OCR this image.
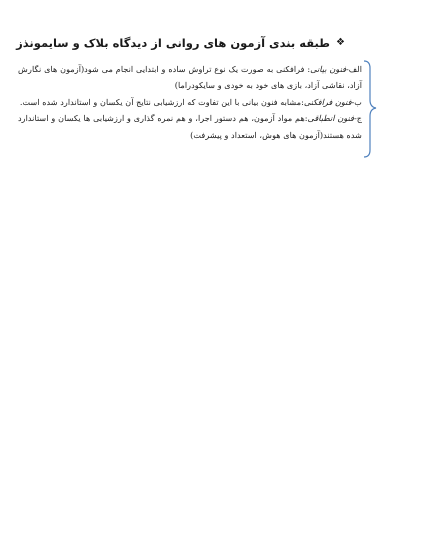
❖
طبقه بندی آزمون های روانی از دیدگاه بلاک و سایمونذز

الف-فنون بیانی: فرافکنی به صورت یک نوع تراوش ساده و ابتدایی انجام می شود(آزمون های نگارش آزاد، نقاشی آزاد، بازی های خود به خودی و سایکودراما)

ب-فنون فرافکنی:مشابه فنون بیانی با این تفاوت که ارزشیابی نتایج آن یکسان و استاندارد شده است.

ج-فنون انطباقی:هم مواد آزمون، هم دستور اجرا، و هم نمره گذاری و ارزشیابی ها یکسان و استاندارد شده هستند(آزمون های هوش، استعداد و پیشرفت)
